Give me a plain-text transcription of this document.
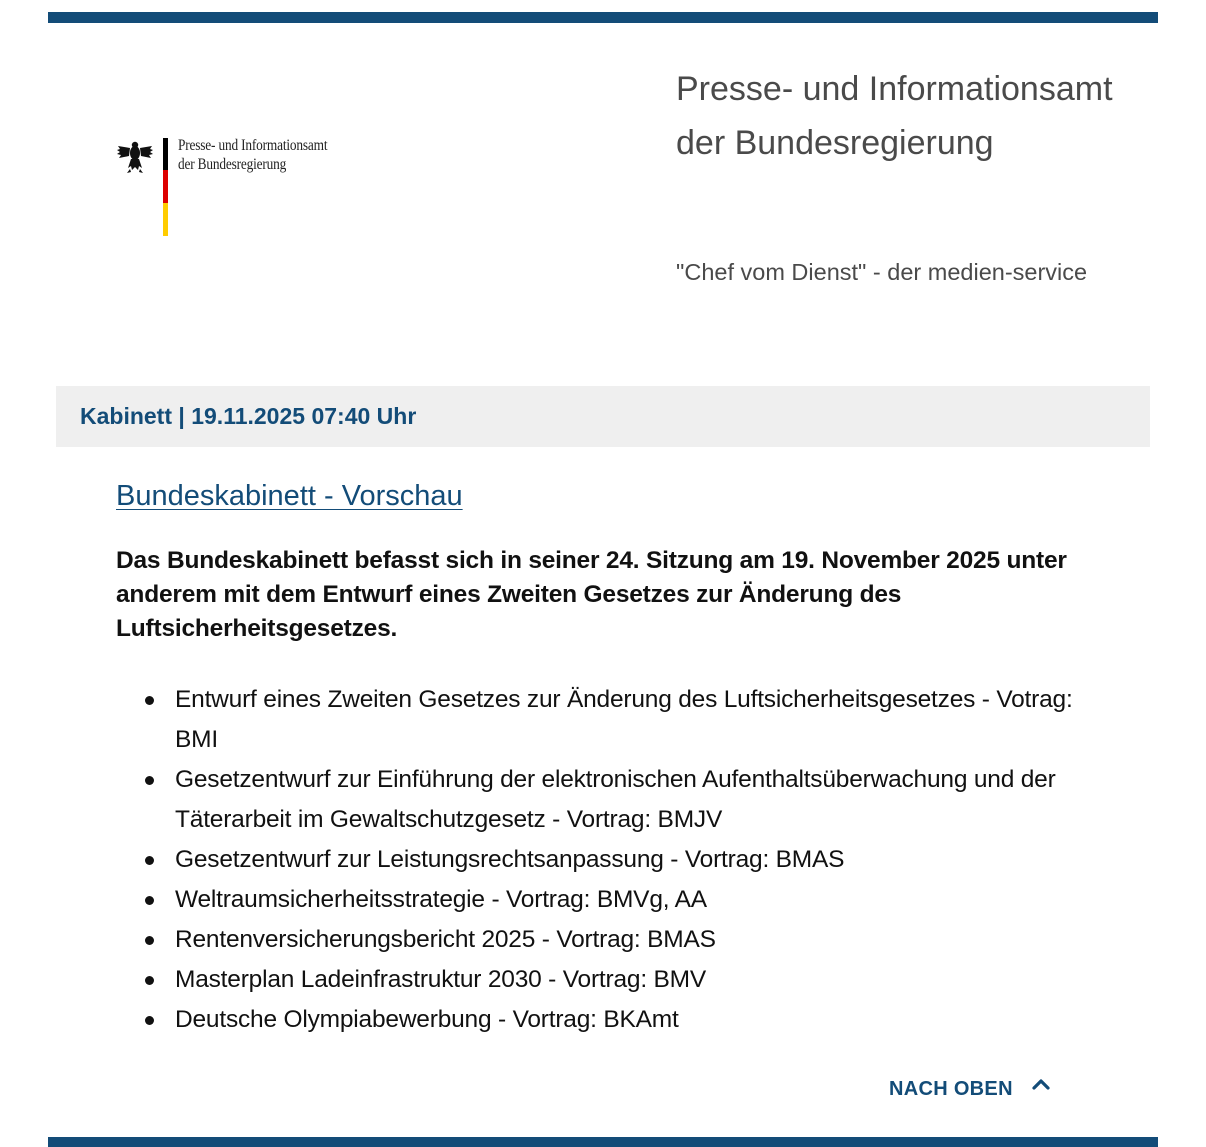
Presse- und Informationsamt
der Bundesregierung
Presse- und Informationsamt der Bundesregierung

"Chef vom Dienst" - der medien-service

Kabinett | 19.11.2025 07:40 Uhr
Bundeskabinett - Vorschau

Das Bundeskabinett befasst sich in seiner 24. Sitzung am 19. November 2025 unter anderem mit dem Entwurf eines Zweiten Gesetzes zur Änderung des Luftsicherheitsgesetzes.

Entwurf eines Zweiten Gesetzes zur Änderung des Luftsicherheitsgesetzes - Votrag: BMI
Gesetzentwurf zur Einführung der elektronischen Aufenthaltsüberwachung und der Täterarbeit im Gewaltschutzgesetz - Vortrag: BMJV
Gesetzentwurf zur Leistungsrechtsanpassung - Vortrag: BMAS
Weltraumsicherheitsstrategie - Vortrag: BMVg, AA
Rentenversicherungsbericht 2025 - Vortrag: BMAS
Masterplan Ladeinfrastruktur 2030 - Vortrag: BMV
Deutsche Olympiabewerbung - Vortrag: BKAmt
NACH OBEN
